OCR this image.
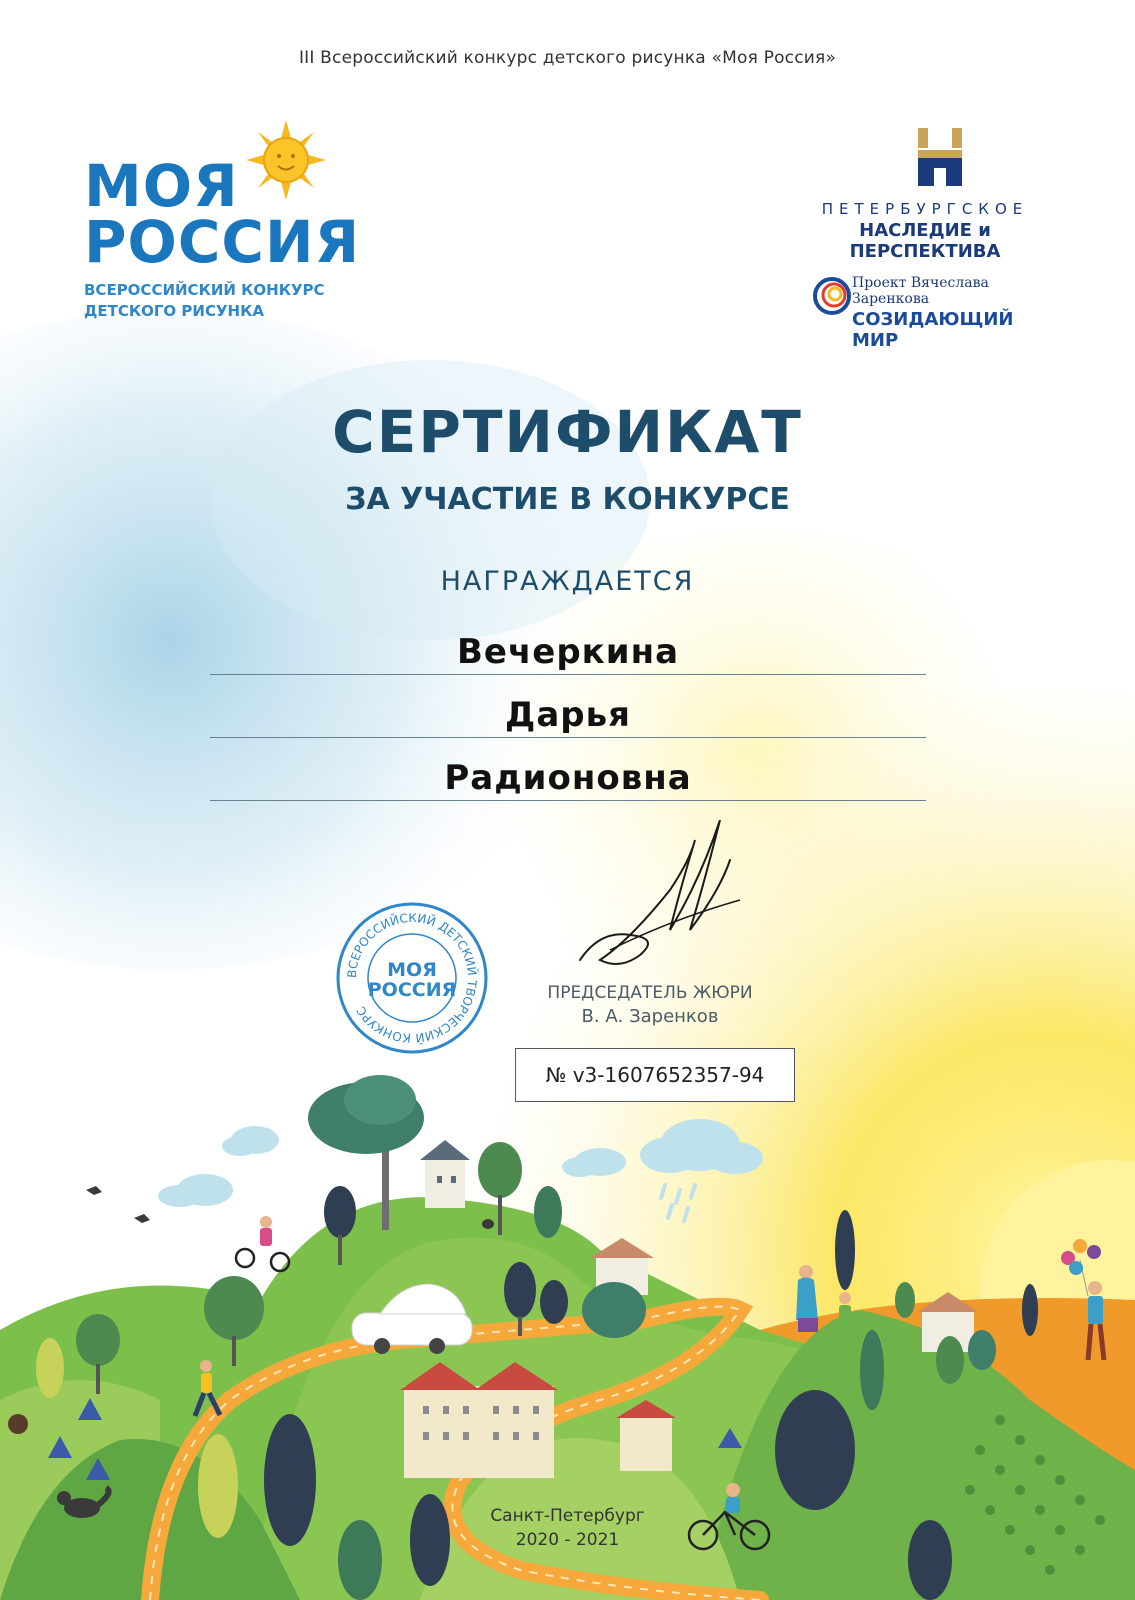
III Всероссийский конкурс детского рисунка «Моя Россия»
МОЯ
РОССИЯ
ВСЕРОССИЙСКИЙ КОНКУРС
ДЕТСКОГО РИСУНКА
ПЕТЕРБУРГСКОЕ
НАСЛЕДИЕ и ПЕРСПЕКТИВА
Проект Вячеслава Заренкова
СОЗИДАЮЩИЙ МИР
СЕРТИФИКАТ
ЗА УЧАСТИЕ В КОНКУРСЕ
НАГРАЖДАЕТСЯ
Вечеркина
Дарья
Радионовна
ВСЕРОССИЙСКИЙ ДЕТСКИЙ ТВОРЧЕСКИЙ КОНКУРС
МОЯ
РОССИЯ	ПРЕДСЕДАТЕЛЬ ЖЮРИ
В. А. Заренков
№ v3-1607652357-94
Санкт-Петербург
2020 - 2021
